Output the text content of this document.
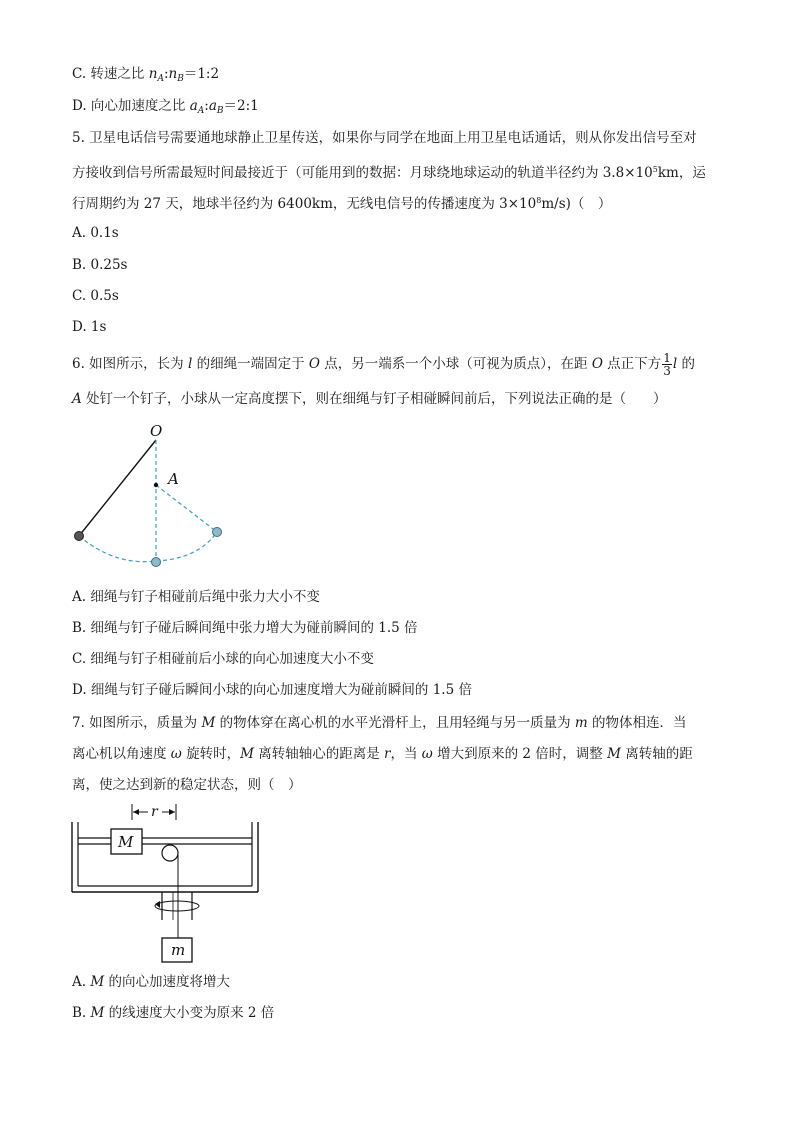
C. 转速之比 $n_A:n_B=1:2$
D. 向心加速度之比 $a_A:a_B=2:1$
5. 卫星电话信号需要通地球静止卫星传送，如果你与同学在地面上用卫星电话通话，则从你发出信号至对
方接收到信号所需最短时间最接近于（可能用到的数据：月球绕地球运动的轨道半径约为 $3.8\times 10^5km$，运
行周期约为 27 天，地球半径约为 6400km，无线电信号的传播速度为 $3\times 10^8m/s$)（　）
A. 0.1s
B. 0.25s
C. 0.5s
D. 1s
6. 如图所示，长为 l 的细绳一端固定于 O 点，另一端系一个小球（可视为质点），在距 O 点正下方 $\frac{1}{3}$ l 的
A 处钉一个钉子，小球从一定高度摆下，则在细绳与钉子相碰瞬间前后，下列说法正确的是（　　）
O
A
A. 细绳与钉子相碰前后绳中张力大小不变
B. 细绳与钉子碰后瞬间绳中张力增大为碰前瞬间的 1.5 倍
C. 细绳与钉子相碰前后小球的向心加速度大小不变
D. 细绳与钉子碰后瞬间小球的向心加速度增大为碰前瞬间的 1.5 倍
7. 如图所示，质量为 M 的物体穿在离心机的水平光滑杆上，且用轻绳与另一质量为 m 的物体相连．当
离心机以角速度 ω 旋转时，M 离转轴轴心的距离是 r，当 ω 增大到原来的 2 倍时，调整 M 离转轴的距
离，使之达到新的稳定状态，则（　）
r
M
m
A. M 的向心加速度将增大
B. M 的线速度大小变为原来 2 倍
